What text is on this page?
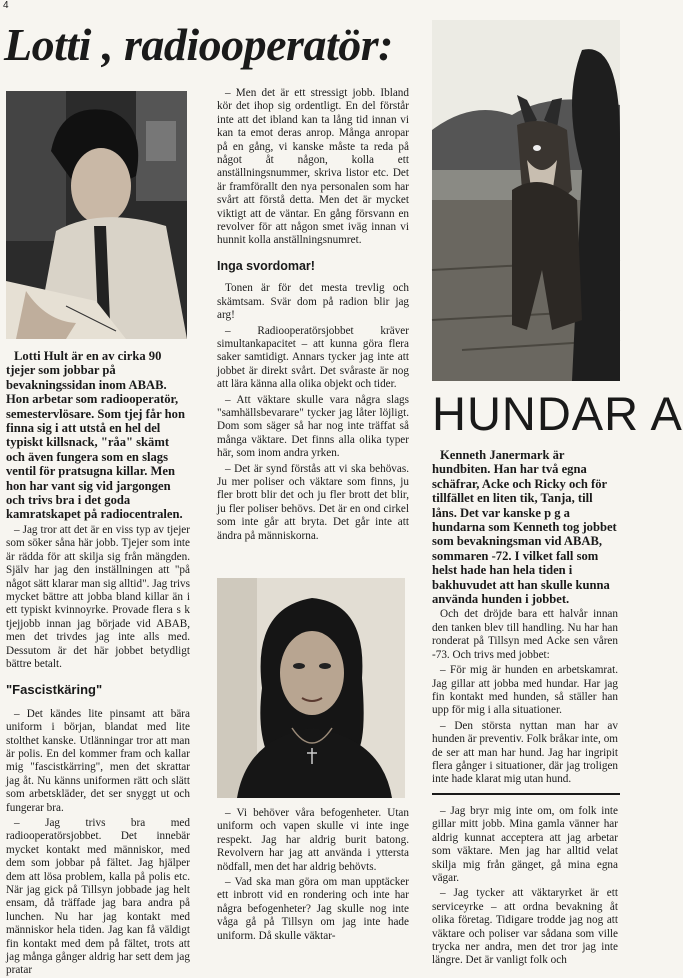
4
Lotti , radiooperatör:

Lotti Hult är en av cirka 90 tjejer som jobbar på bevakningssidan inom ABAB. Hon arbetar som radiooperatör, semestervlösare. Som tjej får hon finna sig i att utstå en hel del typiskt killsnack, "råa" skämt och även fungera som en slags ventil för pratsugna killar. Men hon har vant sig vid jargongen och trivs bra i det goda kamratskapet på radiocentralen.

– Jag tror att det är en viss typ av tjejer som söker såna här jobb. Tjejer som inte är rädda för att skilja sig från mängden. Själv har jag den inställningen att "på något sätt klarar man sig alltid". Jag trivs mycket bättre att jobba bland killar än i ett typiskt kvinnoyrke. Provade flera s k tjejjobb innan jag började vid ABAB, men det trivdes jag inte alls med. Dessutom är det här jobbet betydligt bättre betalt.

"Fascistkäring"

– Det kändes lite pinsamt att bära uniform i början, blandat med lite stolthet kanske. Utlänningar tror att man är polis. En del kommer fram och kallar mig "fascistkärring", men det skrattar jag åt. Nu känns uniformen rätt och slätt som arbetskläder, det ser snyggt ut och fungerar bra.

– Jag trivs bra med radiooperatörsjobbet. Det innebär mycket kontakt med människor, med dem som jobbar på fältet. Jag hjälper dem att lösa problem, kalla på polis etc. När jag gick på Tillsyn jobbade jag helt ensam, då träffade jag bara andra på lunchen. Nu har jag kontakt med människor hela tiden. Jag kan få väldigt fin kontakt med dem på fältet, trots att jag många gånger aldrig har sett dem jag pratar

– Men det är ett stressigt jobb. Ibland kör det ihop sig ordentligt. En del förstår inte att det ibland kan ta lång tid innan vi kan ta emot deras anrop. Många anropar på en gång, vi kanske måste ta reda på något åt någon, kolla ett anställningsnummer, skriva listor etc. Det är framförallt den nya personalen som har svårt att förstå detta. Men det är mycket viktigt att de väntar. En gång försvann en revolver för att någon smet iväg innan vi hunnit kolla anställningsnumret.

Inga svordomar!

Tonen är för det mesta trevlig och skämtsam. Svär dom på radion blir jag arg!

– Radiooperatörsjobbet kräver simultankapacitet – att kunna göra flera saker samtidigt. Annars tycker jag inte att jobbet är direkt svårt. Det svåraste är nog att lära känna alla olika objekt och tider.

– Att väktare skulle vara några slags "samhällsbevarare" tycker jag låter löjligt. Dom som säger så har nog inte träffat så många väktare. Det finns alla olika typer här, som inom andra yrken.

– Det är synd förstås att vi ska behövas. Ju mer poliser och väktare som finns, ju fler brott blir det och ju fler brott det blir, ju fler poliser behövs. Det är en ond cirkel som inte går att bryta. Det går inte att ändra på människorna.

– Vi behöver våra befogenheter. Utan uniform och vapen skulle vi inte inge respekt. Jag har aldrig burit batong. Revolvern har jag att använda i yttersta nödfall, men det har aldrig behövts.

– Vad ska man göra om man upptäcker ett inbrott vid en rondering och inte har några befogenheter? Jag skulle nog inte våga gå på Tillsyn om jag inte hade uniform. Då skulle väktar-

HUNDAR A

Kenneth Janermark är hundbiten. Han har två egna schäfrar, Acke och Ricky och för tillfället en liten tik, Tanja, till låns. Det var kanske p g a hundarna som Kenneth tog jobbet som bevakningsman vid ABAB, sommaren -72. I vilket fall som helst hade han hela tiden i bakhuvudet att han skulle kunna använda hunden i jobbet.

Och det dröjde bara ett halvår innan den tanken blev till handling. Nu har han ronderat på Tillsyn med Acke sen våren -73. Och trivs med jobbet:

– För mig är hunden en arbetskamrat. Jag gillar att jobba med hundar. Har jag fin kontakt med hunden, så ställer han upp för mig i alla situationer.

– Den största nyttan man har av hunden är preventiv. Folk bråkar inte, om de ser att man har hund. Jag har ingripit flera gånger i situationer, där jag troligen inte hade klarat mig utan hund.

– Jag bryr mig inte om, om folk inte gillar mitt jobb. Mina gamla vänner har aldrig kunnat acceptera att jag arbetar som väktare. Men jag har alltid velat skilja mig från gänget, gå mina egna vägar.

– Jag tycker att väktaryrket är ett serviceyrke – att ordna bevakning åt olika företag. Tidigare trodde jag nog att väktare och poliser var sådana som ville trycka ner andra, men det tror jag inte längre. Det är vanligt folk och
